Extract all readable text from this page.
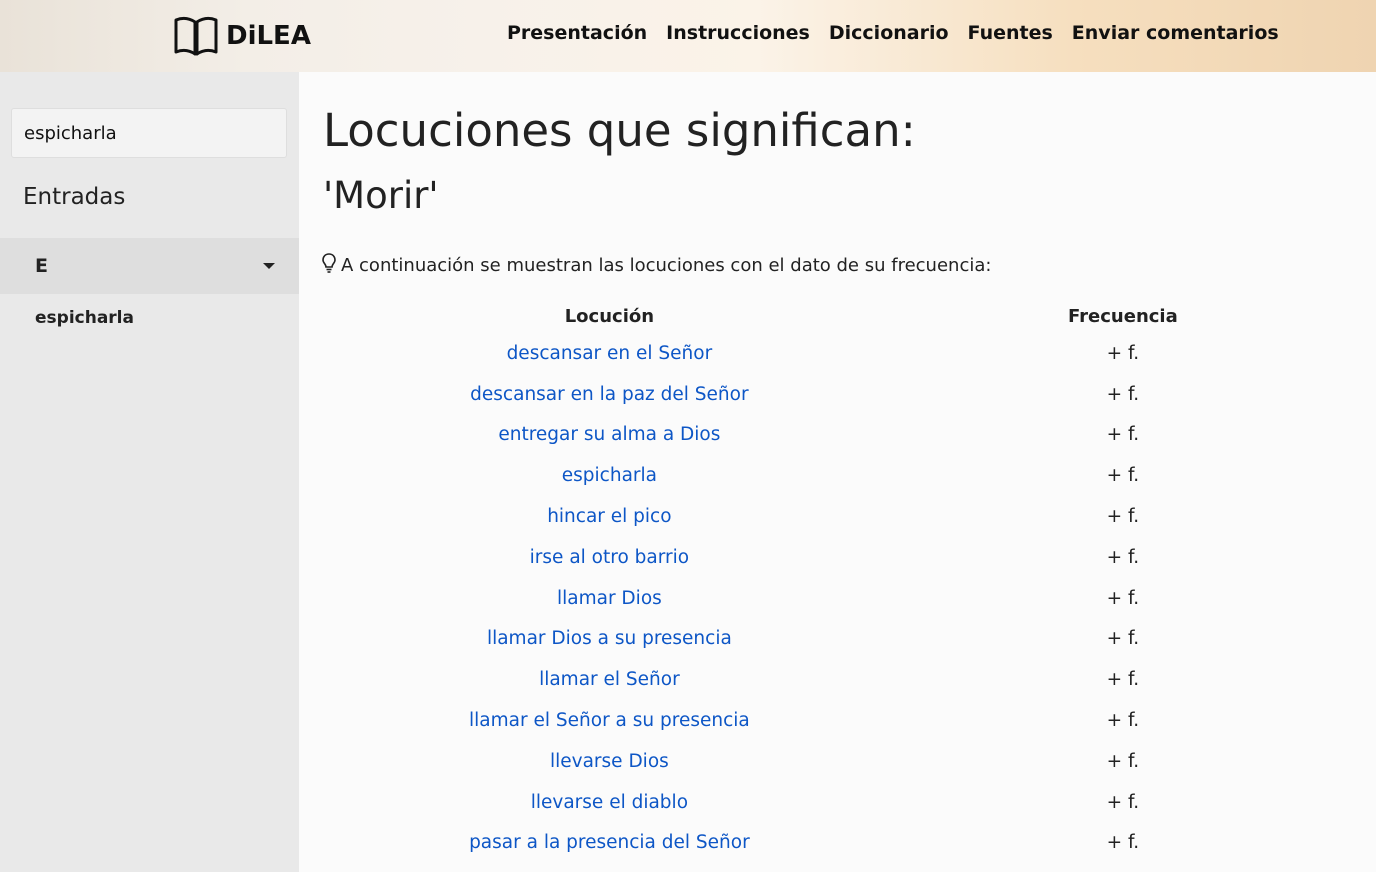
DiLEA	Presentación Instrucciones Diccionario Fuentes Enviar comentarios
espicharla
Entradas
E
espicharla
Locuciones que significan:
'Morir'
A continuación se muestran las locuciones con el dato de su frecuencia:
Locución	Frecuencia
descansar en el Señor	+ f.
descansar en la paz del Señor	+ f.
entregar su alma a Dios	+ f.
espicharla	+ f.
hincar el pico	+ f.
irse al otro barrio	+ f.
llamar Dios	+ f.
llamar Dios a su presencia	+ f.
llamar el Señor	+ f.
llamar el Señor a su presencia	+ f.
llevarse Dios	+ f.
llevarse el diablo	+ f.
pasar a la presencia del Señor	+ f.
